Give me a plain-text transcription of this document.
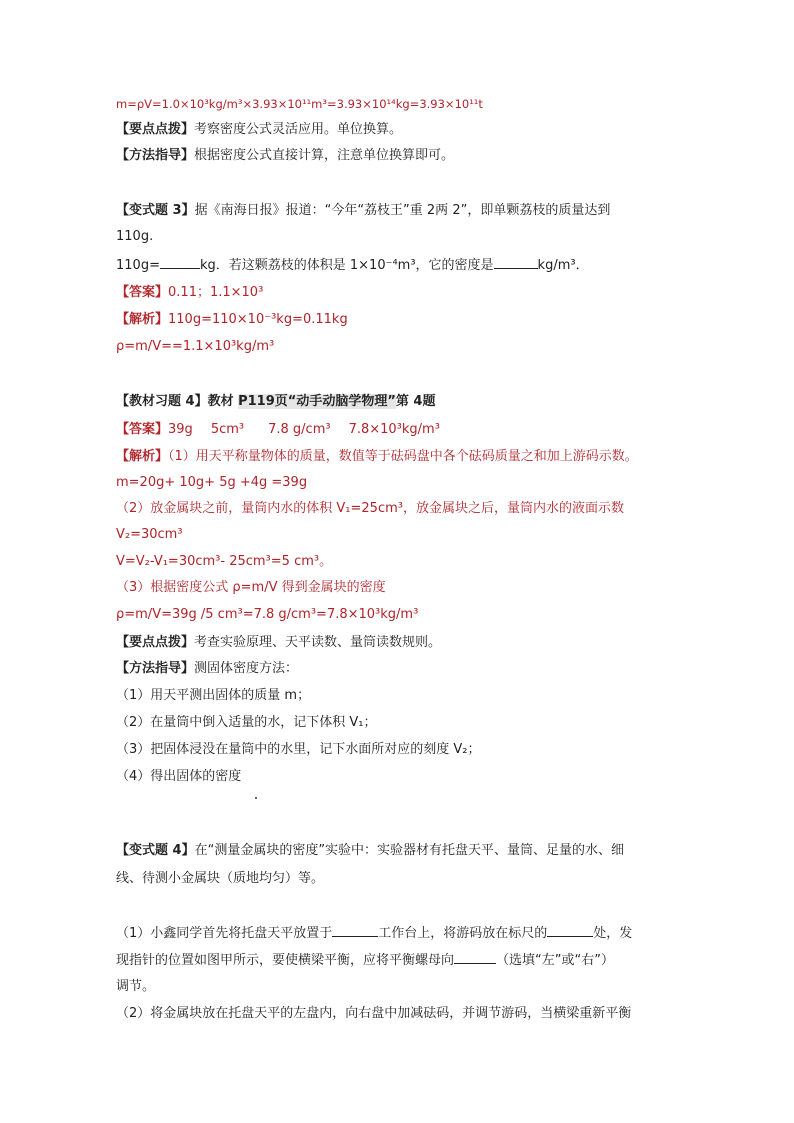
m=ρV=1.0×10³kg/m³×3.93×10¹¹m³=3.93×10¹⁴kg=3.93×10¹¹t
【要点点拨】考察密度公式灵活应用。单位换算。
【方法指导】根据密度公式直接计算，注意单位换算即可。
【变式题 3】据《南海日报》报道：“今年“荔枝王”重 2两 2”，即单颗荔枝的质量达到
110g.
110g=	kg．若这颗荔枝的体积是 1×10⁻⁴m³，它的密度是	kg/m³．
【答案】0.11；1.1×10³
【解析】110g=110×10⁻³kg=0.11kg
ρ=m/V==1.1×10³kg/m³
【教材习题 4】教材 P119页“动手动脑学物理”第 4题
【答案】39g 5cm³ 7.8 g/cm³ 7.8×10³kg/m³
【解析】（1）用天平称量物体的质量，数值等于砝码盘中各个砝码质量之和加上游码示数。
m=20g+ 10g+ 5g +4g =39g
（2）放金属块之前，量筒内水的体积 V₁=25cm³，放金属块之后，量筒内水的液面示数
V₂=30cm³
V=V₂-V₁=30cm³- 25cm³=5 cm³。
（3）根据密度公式 ρ=m/V 得到金属块的密度
ρ=m/V=39g /5 cm³=7.8 g/cm³=7.8×10³kg/m³
【要点点拨】考查实验原理、天平读数、量筒读数规则。
【方法指导】测固体密度方法：
（1）用天平测出固体的质量 m；
（2）在量筒中倒入适量的水，记下体积 V₁；
（3）把固体浸没在量筒中的水里，记下水面所对应的刻度 V₂；
（4）得出固体的密度
【变式题 4】在“测量金属块的密度”实验中：实验器材有托盘天平、量筒、足量的水、细
线、待测小金属块（质地均匀）等。
（1）小鑫同学首先将托盘天平放置于	工作台上，将游码放在标尺的	处，发
现指针的位置如图甲所示，要使横梁平衡，应将平衡螺母向	（选填“左”或“右”）
调节。
（2）将金属块放在托盘天平的左盘内，向右盘中加减砝码，并调节游码，当横梁重新平衡
